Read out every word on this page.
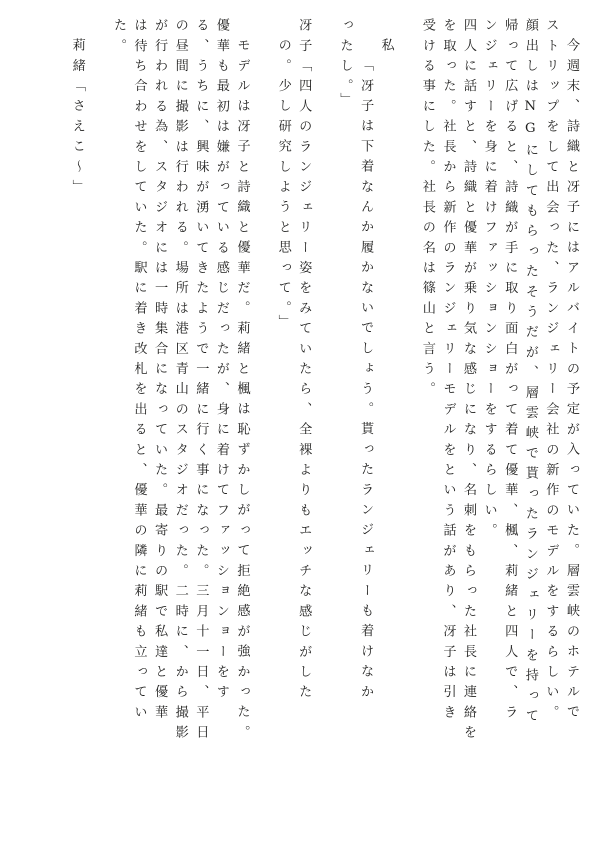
今週末、詩織と冴子にはアルバイトの予定が入っていた。層雲峡のホテルで
ストリップをして出会った、ランジェリー会社の新作のモデルをするらしい。
顔出しはNGにしてもらったそうだが、層雲峡で貰ったランジェリーを持って
帰って広げると、詩織が手に取り面白がって着て優華、楓、莉緒と四人で、ラ
ンジェリーを身に着けファッションショーをするらしい。
四人に話すと、詩織と優華が乗り気な感じになり、名刺をもらった社長に連絡を
を取った。社長から新作のランジェリーモデルをという話があり、冴子は引き
受ける事にした。社長の名は篠山と言う。
私
「冴子は下着なんか履かないでしょう。貰ったランジェリーも着けなか
ったし。」
冴子「四人のランジェリー姿をみていたら、全裸よりもエッチな感じがした
の。少し研究しようと思って。」
モデルは冴子と詩織と優華だ。莉緒と楓は恥ずかしがって拒絶感が強かった。
優華も最初は嫌がっている感じだったが、身に着けてファッションョーをす
る、うちに、興味が湧いてきたようで一緒に行く事になった。三月十一日、平日
の昼間に撮影は行われる。場所は港区青山のスタジオだった。二時に、から撮影
が行われる為、スタジオには一時集合になっていた。最寄りの駅で私達と優華
は待ち合わせをしていた。駅に着き改札を出ると、優華の隣に莉緒も立ってい
た。
莉緒「さえこ〜」
